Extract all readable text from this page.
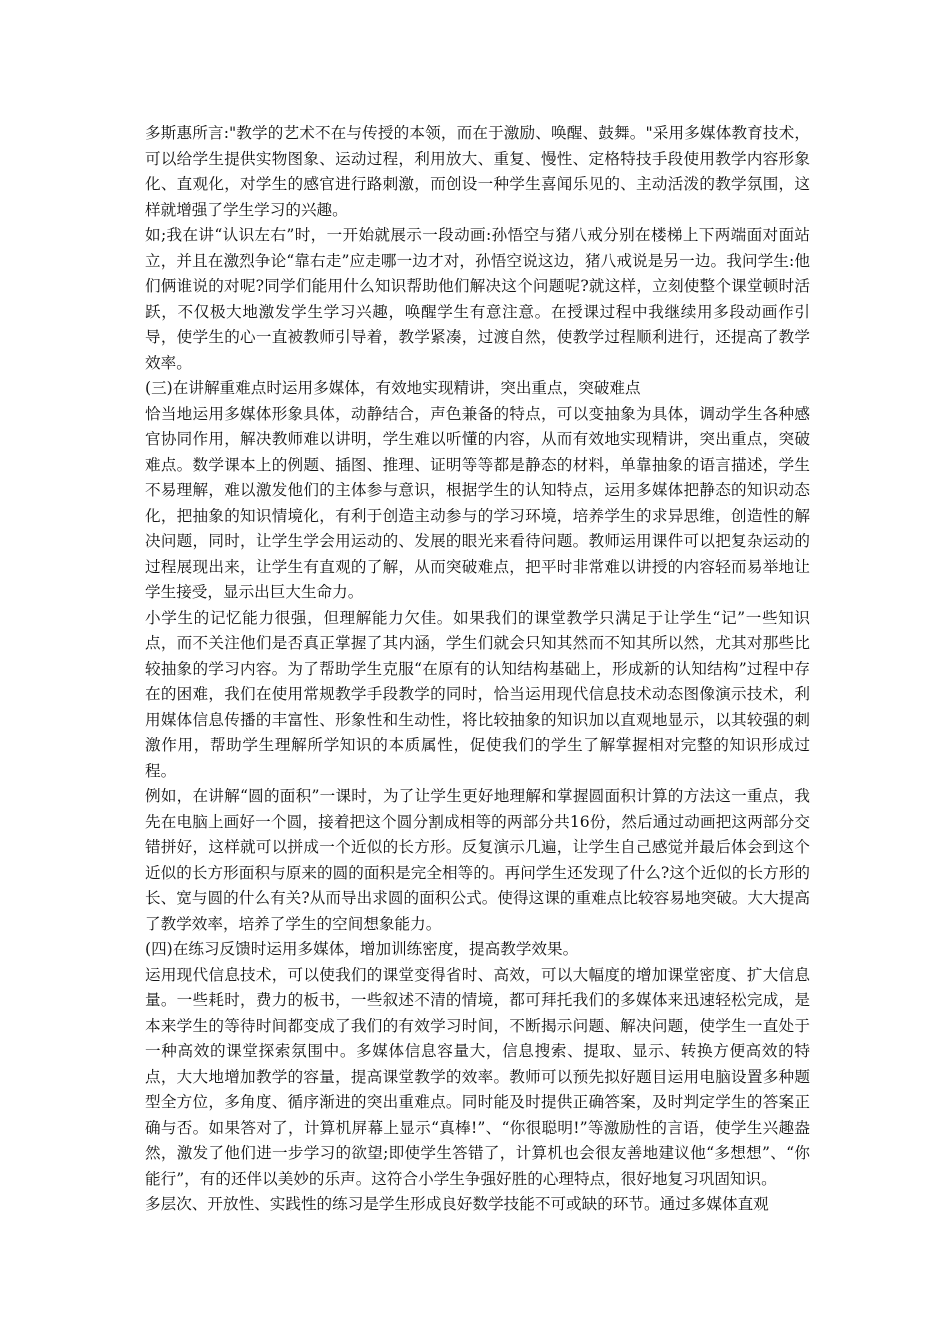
多斯惠所言:"教学的艺术不在与传授的本领，而在于激励、唤醒、鼓舞。"采用多媒体教育技术，可以给学生提供实物图象、运动过程，利用放大、重复、慢性、定格特技手段使用教学内容形象化、直观化，对学生的感官进行路刺激，而创设一种学生喜闻乐见的、主动活泼的教学氛围，这样就增强了学生学习的兴趣。

如;我在讲“认识左右”时，一开始就展示一段动画:孙悟空与猪八戒分别在楼梯上下两端面对面站立，并且在激烈争论“靠右走”应走哪一边才对，孙悟空说这边，猪八戒说是另一边。我问学生:他们俩谁说的对呢?同学们能用什么知识帮助他们解决这个问题呢?就这样，立刻使整个课堂顿时活跃，不仅极大地激发学生学习兴趣，唤醒学生有意注意。在授课过程中我继续用多段动画作引导，使学生的心一直被教师引导着，教学紧凑，过渡自然，使教学过程顺利进行，还提高了教学效率。

(三)在讲解重难点时运用多媒体，有效地实现精讲，突出重点，突破难点

恰当地运用多媒体形象具体，动静结合，声色兼备的特点，可以变抽象为具体，调动学生各种感官协同作用，解决教师难以讲明，学生难以听懂的内容，从而有效地实现精讲，突出重点，突破难点。数学课本上的例题、插图、推理、证明等等都是静态的材料，单靠抽象的语言描述，学生不易理解，难以激发他们的主体参与意识，根据学生的认知特点，运用多媒体把静态的知识动态化，把抽象的知识情境化，有利于创造主动参与的学习环境，培养学生的求异思维，创造性的解决问题，同时，让学生学会用运动的、发展的眼光来看待问题。教师运用课件可以把复杂运动的过程展现出来，让学生有直观的了解，从而突破难点，把平时非常难以讲授的内容轻而易举地让学生接受，显示出巨大生命力。

小学生的记忆能力很强，但理解能力欠佳。如果我们的课堂教学只满足于让学生“记”一些知识点，而不关注他们是否真正掌握了其内涵，学生们就会只知其然而不知其所以然，尤其对那些比较抽象的学习内容。为了帮助学生克服“在原有的认知结构基础上，形成新的认知结构”过程中存在的困难，我们在使用常规教学手段教学的同时，恰当运用现代信息技术动态图像演示技术，利用媒体信息传播的丰富性、形象性和生动性，将比较抽象的知识加以直观地显示，以其较强的刺激作用，帮助学生理解所学知识的本质属性，促使我们的学生了解掌握相对完整的知识形成过程。

例如，在讲解“圆的面积”一课时，为了让学生更好地理解和掌握圆面积计算的方法这一重点，我先在电脑上画好一个圆，接着把这个圆分割成相等的两部分共16份，然后通过动画把这两部分交错拼好，这样就可以拼成一个近似的长方形。反复演示几遍，让学生自己感觉并最后体会到这个近似的长方形面积与原来的圆的面积是完全相等的。再问学生还发现了什么?这个近似的长方形的长、宽与圆的什么有关?从而导出求圆的面积公式。使得这课的重难点比较容易地突破。大大提高了教学效率，培养了学生的空间想象能力。

(四)在练习反馈时运用多媒体，增加训练密度，提高教学效果。

运用现代信息技术，可以使我们的课堂变得省时、高效，可以大幅度的增加课堂密度、扩大信息量。一些耗时，费力的板书，一些叙述不清的情境，都可拜托我们的多媒体来迅速轻松完成，是本来学生的等待时间都变成了我们的有效学习时间，不断揭示问题、解决问题，使学生一直处于一种高效的课堂探索氛围中。多媒体信息容量大，信息搜索、提取、显示、转换方便高效的特点，大大地增加教学的容量，提高课堂教学的效率。教师可以预先拟好题目运用电脑设置多种题型全方位，多角度、循序渐进的突出重难点。同时能及时提供正确答案，及时判定学生的答案正确与否。如果答对了，计算机屏幕上显示“真棒!”、“你很聪明!”等激励性的言语，使学生兴趣盎然，激发了他们进一步学习的欲望;即使学生答错了，计算机也会很友善地建议他“多想想”、“你能行”，有的还伴以美妙的乐声。这符合小学生争强好胜的心理特点，很好地复习巩固知识。

多层次、开放性、实践性的练习是学生形成良好数学技能不可或缺的环节。通过多媒体直观
